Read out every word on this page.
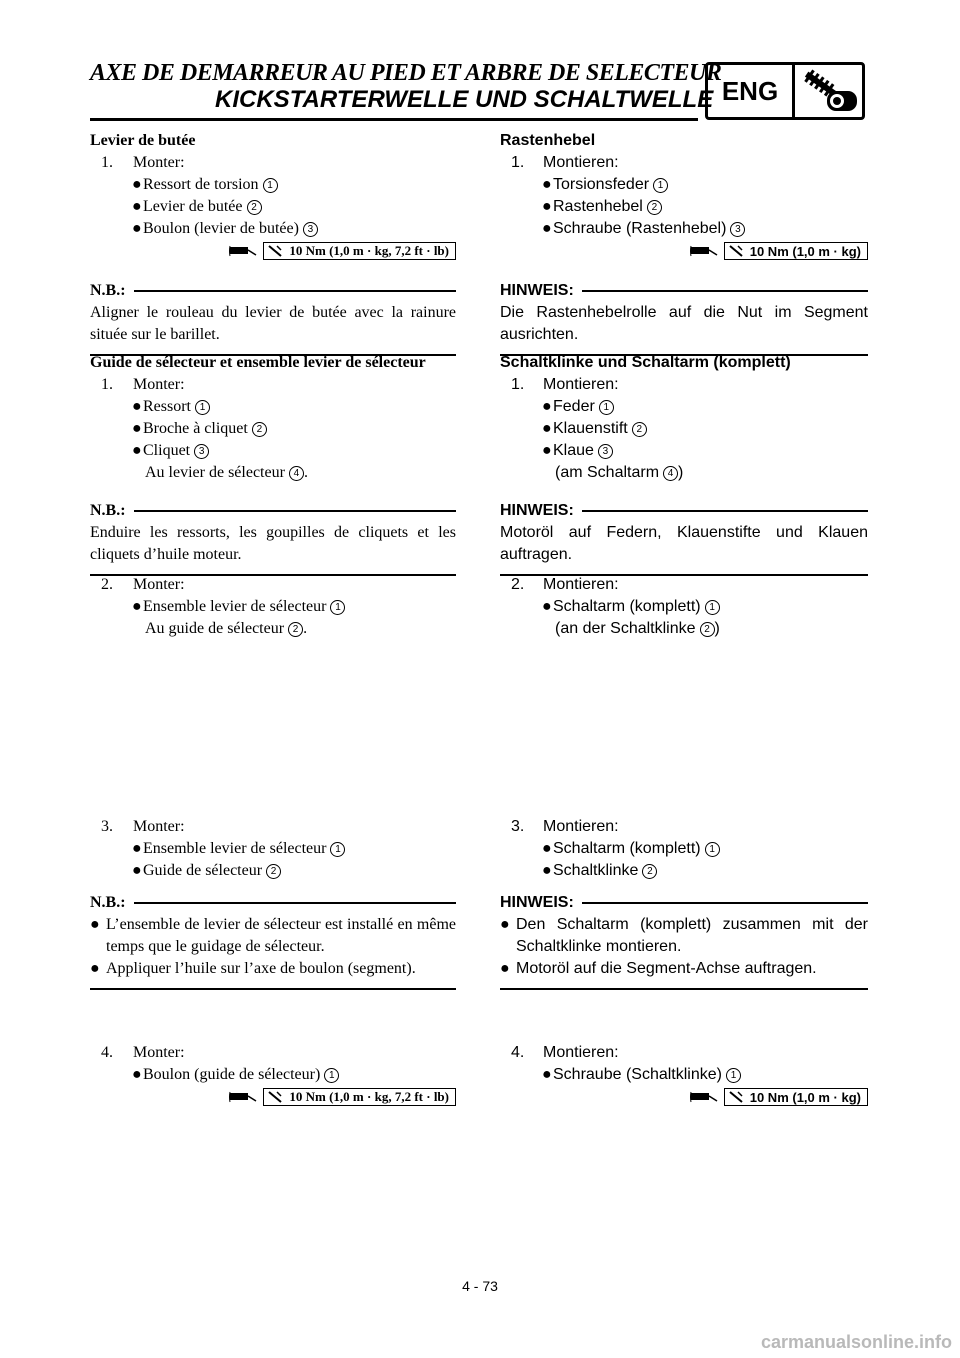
AXE DE DEMARREUR AU PIED ET ARBRE DE SELECTEUR
KICKSTARTERWELLE UND SCHALTWELLE ENG
Levier de butée
1. Monter:
●Ressort de torsion 1
●Levier de butée 2
●Boulon (levier de butée) 3
10 Nm (1,0 m · kg, 7,2 ft · lb)
N.B.:
Aligner le rouleau du levier de butée avec la rainure située sur le barillet.
Guide de sélecteur et ensemble levier de sélecteur
1. Monter:
●Ressort 1
●Broche à cliquet 2
●Cliquet 3
Au levier de sélecteur 4 .
N.B.:
Enduire les ressorts, les goupilles de cliquets et les cliquets d’huile moteur.
2. Monter:
●Ensemble levier de sélecteur 1
Au guide de sélecteur 2 .
3. Monter:
●Ensemble levier de sélecteur 1
●Guide de sélecteur 2
N.B.:
● L’ensemble de levier de sélecteur est installé en même temps que le guidage de sélecteur.
● Appliquer l’huile sur l’axe de boulon (segment).
4. Monter:
●Boulon (guide de sélecteur) 1
10 Nm (1,0 m · kg, 7,2 ft · lb)
Rastenhebel
1. Montieren:
●Torsionsfeder 1
●Rastenhebel 2
●Schraube (Rastenhebel) 3
10 Nm (1,0 m · kg)
HINWEIS:
Die Rastenhebelrolle auf die Nut im Segment ausrichten.
Schaltklinke und Schaltarm (komplett)
1. Montieren:
●Feder 1
●Klauenstift 2
●Klaue 3
(am Schaltarm 4 )
HINWEIS:
Motoröl auf Federn, Klauenstifte und Klauen auftragen.
2. Montieren:
●Schaltarm (komplett) 1
(an der Schaltklinke 2 )
3. Montieren:
●Schaltarm (komplett) 1
●Schaltklinke 2
HINWEIS:
● Den Schaltarm (komplett) zusammen mit der Schaltklinke montieren.
● Motoröl auf die Segment-Achse auftragen.
4. Montieren:
●Schraube (Schaltklinke) 1
10 Nm (1,0 m · kg)
4 - 73
carmanualsonline.info
